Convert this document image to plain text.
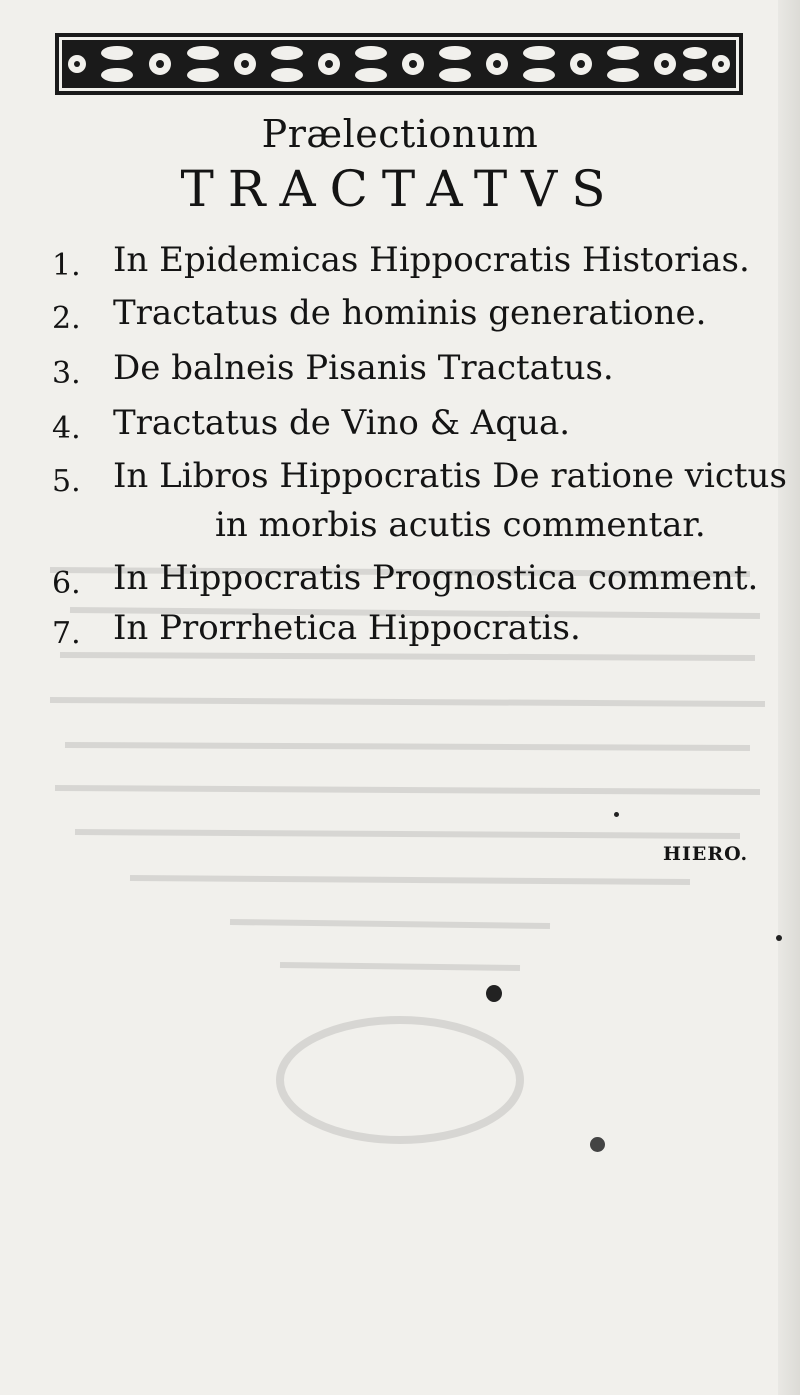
Prælectionum
TRACTATVS
1. In Epidemicas Hippocratis Historias.
2. Tractatus de hominis generatione.
3. De balneis Pisanis Tractatus.
4. Tractatus de Vino & Aqua.
5. In Libros Hippocratis De ratione victus
in morbis acutis commentar.
6. In Hippocratis Prognostica comment.
7. In Prorrhetica Hippocratis.
HIERO.
